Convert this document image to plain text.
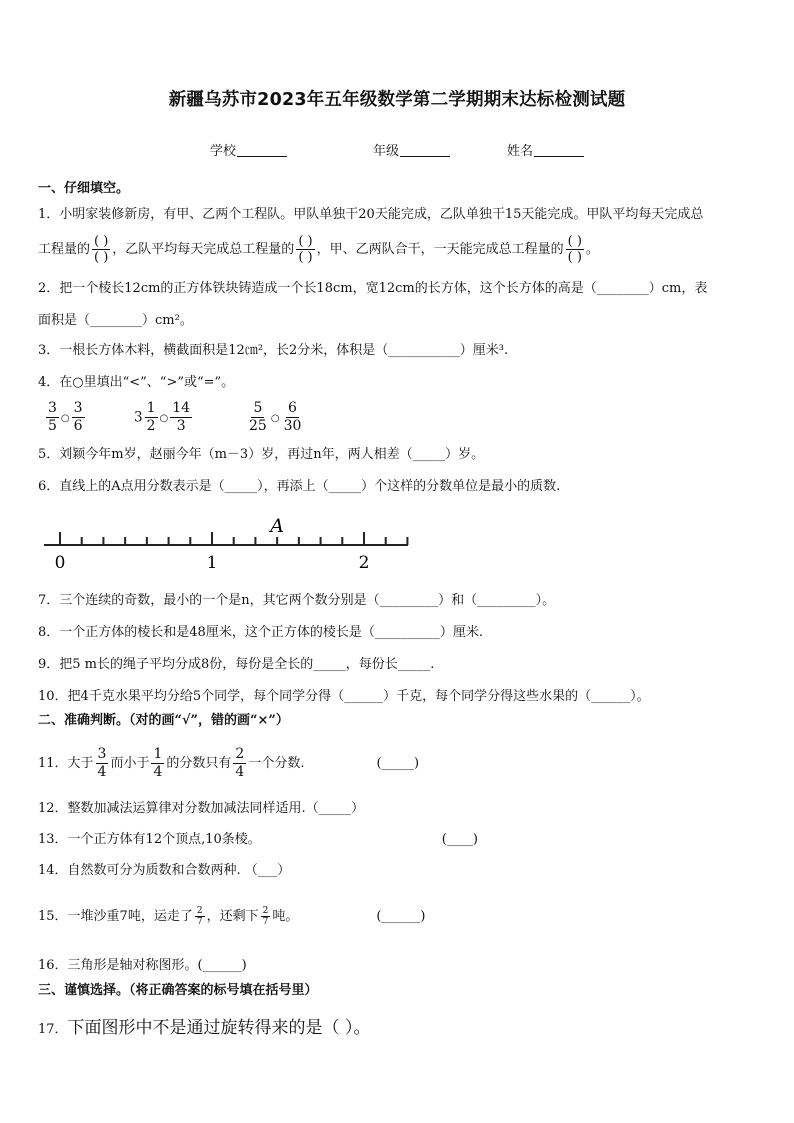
新疆乌苏市2023年五年级数学第二学期期末达标检测试题
学校	年级	姓名
一、仔细填空。
1．小明家装修新房，有甲、乙两个工程队。甲队单独干20天能完成，乙队单独干15天能完成。甲队平均每天完成总
工程量的 $\frac{( )}{( )}$ ，乙队平均每天完成总工程量的 $\frac{( )}{( )}$ ，甲、乙两队合干，一天能完成总工程量的 $\frac{( )}{( )}$ 。
2．把一个棱长12cm的正方体铁块铸造成一个长18cm，宽12cm的长方体，这个长方体的高是（________）cm，表
面积是（________）cm²。
3．一根长方体木料，横截面积是12㎝²，长2分米，体积是（___________）厘米³.
4．在○里填出“<”、“>”或“=”。
$\frac{3}{5}$ ○ $\frac{3}{6}$	$3 \frac{1}{2}$ ○ $\frac{14}{3}$	$\frac{5}{25}$ ○ $\frac{6}{30}$
5．刘颖今年m岁，赵丽今年（m－3）岁，再过n年，两人相差（_____）岁。
6．直线上的A点用分数表示是（_____），再添上（_____）个这样的分数单位是最小的质数.
0	1	2
A
7．三个连续的奇数，最小的一个是n，其它两个数分别是（_________）和（_________）。
8．一个正方体的棱长和是48厘米，这个正方体的棱长是（__________）厘米.
9．把5 m长的绳子平均分成8份，每份是全长的_____，每份长_____.
10．把4千克水果平均分给5个同学，每个同学分得（______）千克，每个同学分得这些水果的（______）。
二、准确判断。（对的画“√”，错的画“×”）
11．大于 $\frac{3}{4}$ 而小于 $\frac{1}{4}$ 的分数只有 $\frac{2}{4}$ 一个分数.	(_____)
12．整数加减法运算律对分数加减法同样适用.（_____）
13．一个正方体有12个顶点,10条棱。	(____)
14．自然数可分为质数和合数两种. （___）
15．一堆沙重7吨，运走了 $\frac{2}{7}$ ，还剩下 $\frac{2}{7}$ 吨。	(______)
16．三角形是轴对称图形。(______)
三、谨慎选择。（将正确答案的标号填在括号里）
17．下面图形中不是通过旋转得来的是（ ）。
